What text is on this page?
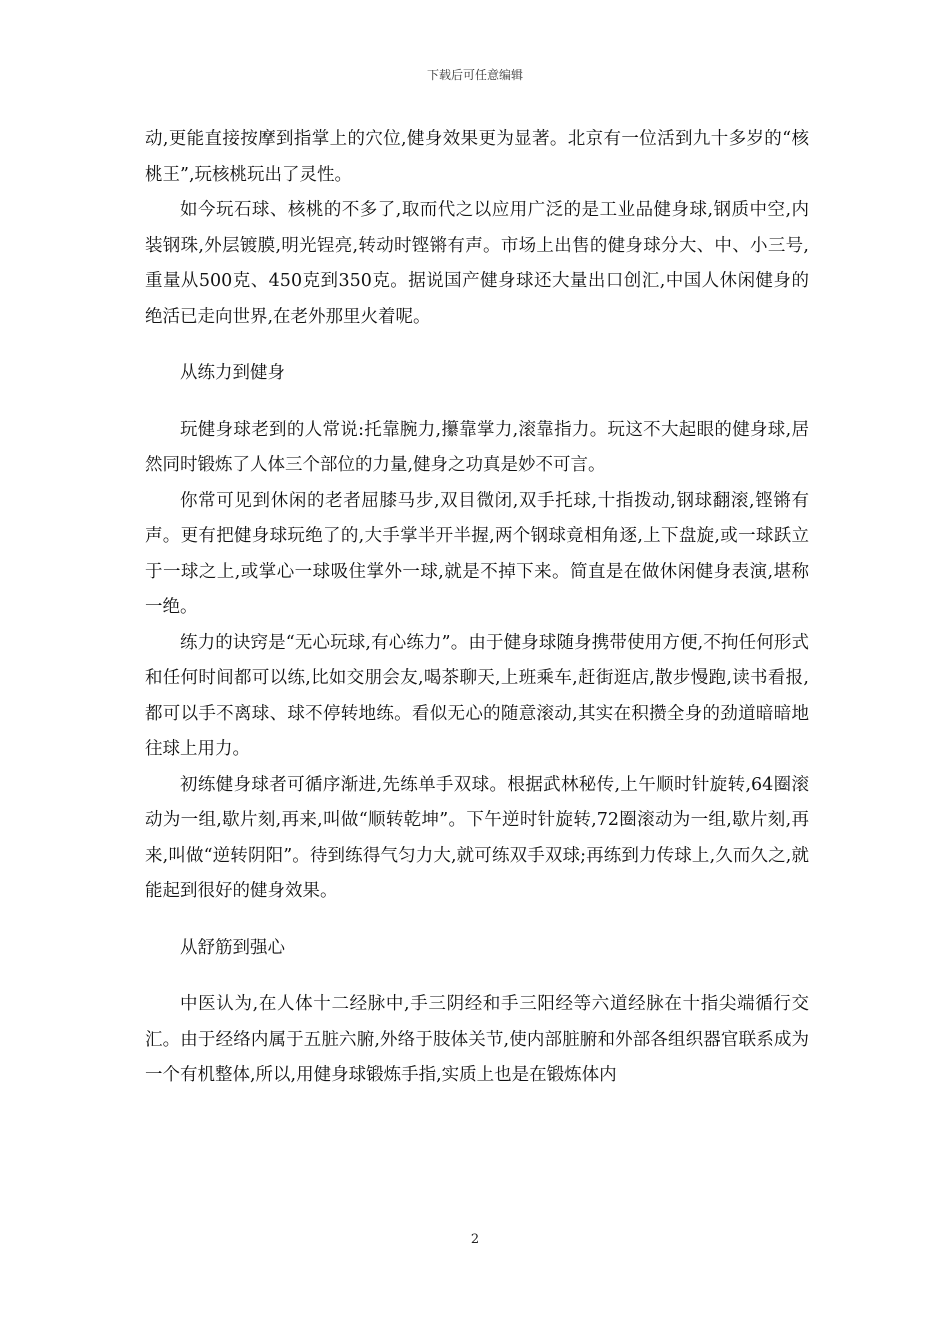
下载后可任意编辑

动,更能直接按摩到指掌上的穴位,健身效果更为显著。北京有一位活到九十多岁的“核桃王”,玩核桃玩出了灵性。

如今玩石球、核桃的不多了,取而代之以应用广泛的是工业品健身球,钢质中空,内装钢珠,外层镀膜,明光锃亮,转动时铿锵有声。市场上出售的健身球分大、中、小三号,重量从500克、450克到350克。据说国产健身球还大量出口创汇,中国人休闲健身的绝活已走向世界,在老外那里火着呢。

从练力到健身

玩健身球老到的人常说:托靠腕力,攥靠掌力,滚靠指力。玩这不大起眼的健身球,居然同时锻炼了人体三个部位的力量,健身之功真是妙不可言。

你常可见到休闲的老者屈膝马步,双目微闭,双手托球,十指拨动,钢球翻滚,铿锵有声。更有把健身球玩绝了的,大手掌半开半握,两个钢球竟相角逐,上下盘旋,或一球跃立于一球之上,或掌心一球吸住掌外一球,就是不掉下来。简直是在做休闲健身表演,堪称一绝。

练力的诀窍是“无心玩球,有心练力”。由于健身球随身携带使用方便,不拘任何形式和任何时间都可以练,比如交朋会友,喝茶聊天,上班乘车,赶街逛店,散步慢跑,读书看报,都可以手不离球、球不停转地练。看似无心的随意滚动,其实在积攒全身的劲道暗暗地往球上用力。

初练健身球者可循序渐进,先练单手双球。根据武林秘传,上午顺时针旋转,64圈滚动为一组,歇片刻,再来,叫做“顺转乾坤”。下午逆时针旋转,72圈滚动为一组,歇片刻,再来,叫做“逆转阴阳”。待到练得气匀力大,就可练双手双球;再练到力传球上,久而久之,就能起到很好的健身效果。

从舒筋到强心

中医认为,在人体十二经脉中,手三阴经和手三阳经等六道经脉在十指尖端循行交汇。由于经络内属于五脏六腑,外络于肢体关节,使内部脏腑和外部各组织器官联系成为一个有机整体,所以,用健身球锻炼手指,实质上也是在锻炼体内

2
